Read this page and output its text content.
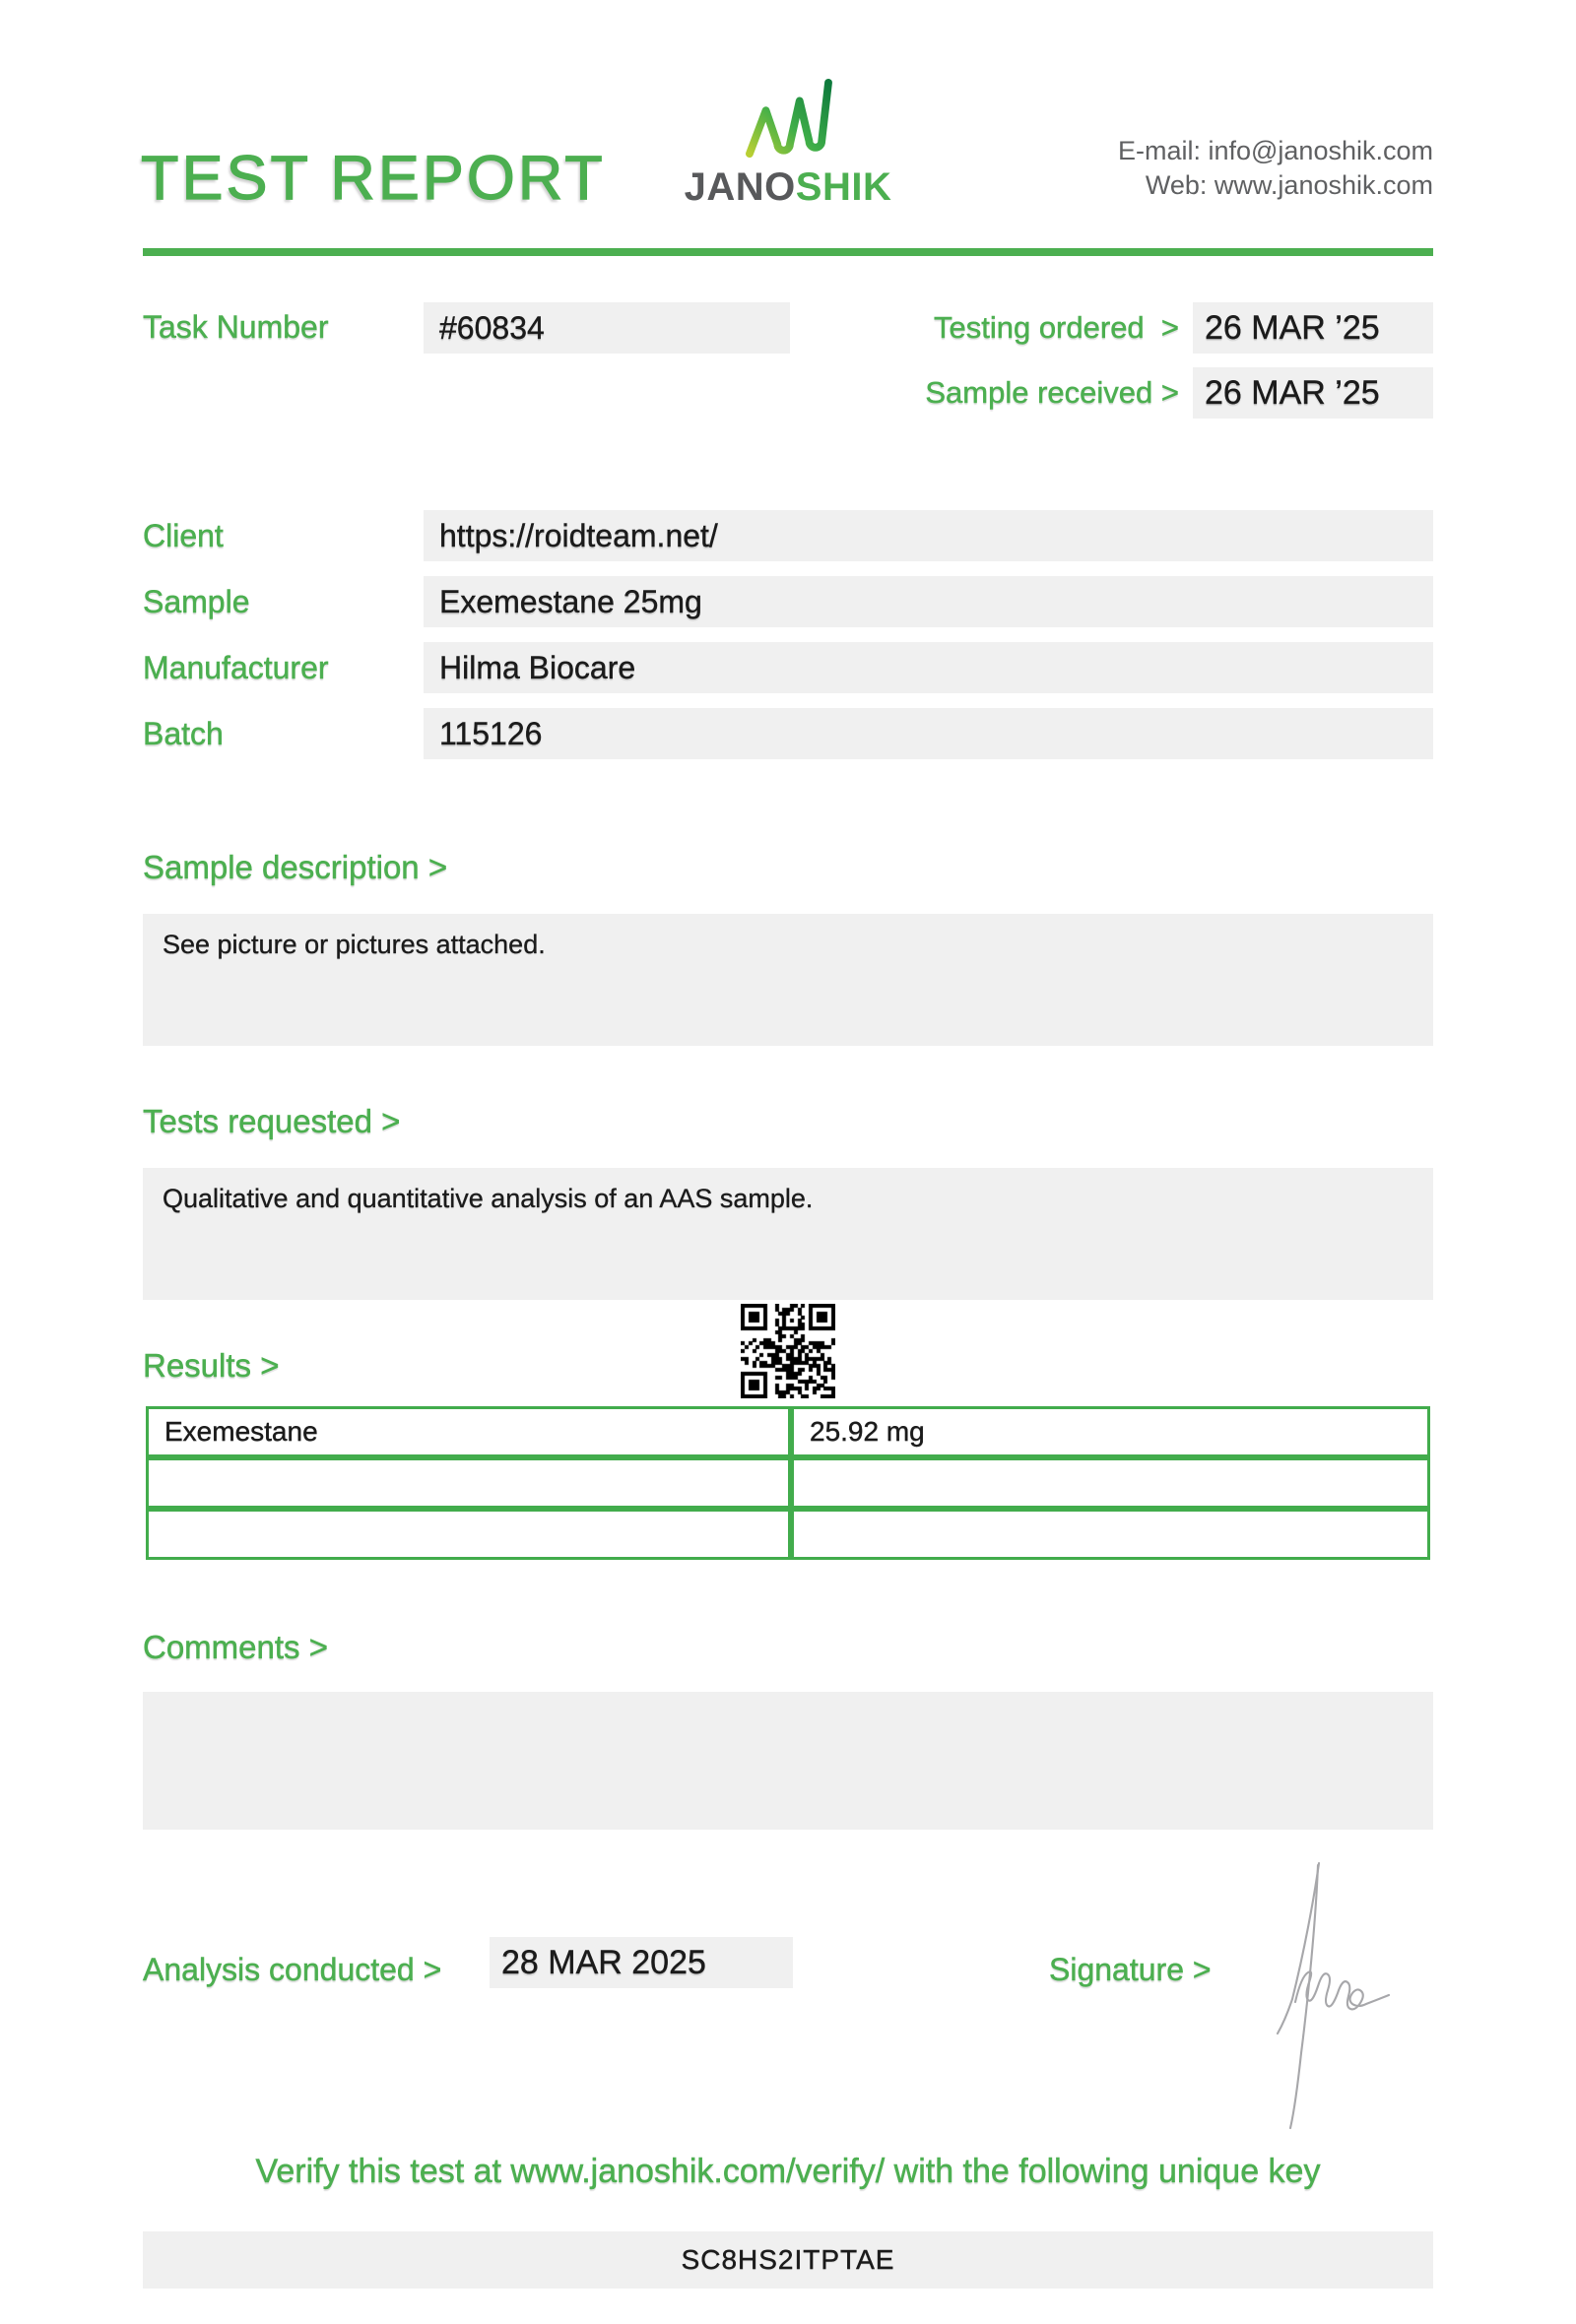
TEST REPORT JANOSHIK
E-mail: info@janoshik.com
Web: www.janoshik.com
Task Number	#60834	Testing ordered  > 26 MAR ’25
Sample received > 26 MAR ’25
Client	https://roidteam.net/
Sample	Exemestane 25mg
Manufacturer	Hilma Biocare
Batch	115126
Sample description >
See picture or pictures attached.
Tests requested >
Qualitative and quantitative analysis of an AAS sample.
Results >
Exemestane	25.92 mg

Comments >
Analysis conducted >	28 MAR 2025	Signature >
Verify this test at www.janoshik.com/verify/ with the following unique key
SC8HS2ITPTAE
